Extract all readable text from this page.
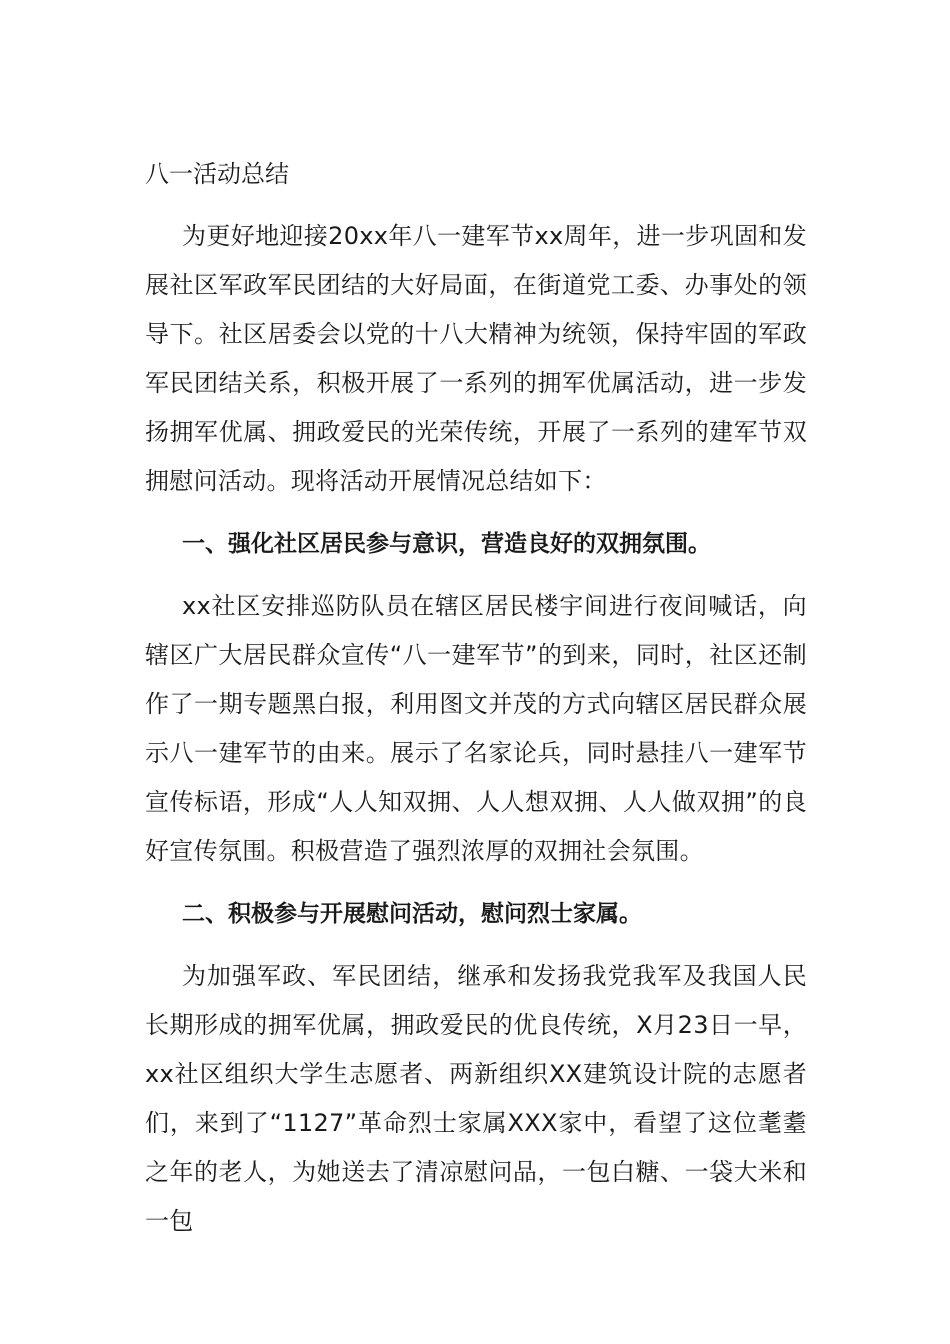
八一活动总结

为更好地迎接20xx年八一建军节xx周年，进一步巩固和发展社区军政军民团结的大好局面，在街道党工委、办事处的领导下。社区居委会以党的十八大精神为统领，保持牢固的军政军民团结关系，积极开展了一系列的拥军优属活动，进一步发扬拥军优属、拥政爱民的光荣传统，开展了一系列的建军节双拥慰问活动。现将活动开展情况总结如下：

一、强化社区居民参与意识，营造良好的双拥氛围。

xx社区安排巡防队员在辖区居民楼宇间进行夜间喊话，向辖区广大居民群众宣传“八一建军节”的到来，同时，社区还制作了一期专题黑白报，利用图文并茂的方式向辖区居民群众展示八一建军节的由来。展示了名家论兵，同时悬挂八一建军节宣传标语，形成“人人知双拥、人人想双拥、人人做双拥”的良好宣传氛围。积极营造了强烈浓厚的双拥社会氛围。

二、积极参与开展慰问活动，慰问烈士家属。

为加强军政、军民团结，继承和发扬我党我军及我国人民长期形成的拥军优属，拥政爱民的优良传统，X月23日一早，xx社区组织大学生志愿者、两新组织XX建筑设计院的志愿者们，来到了“1127”革命烈士家属XXX家中，看望了这位耄耋之年的老人，为她送去了清凉慰问品，一包白糖、一袋大米和一包
